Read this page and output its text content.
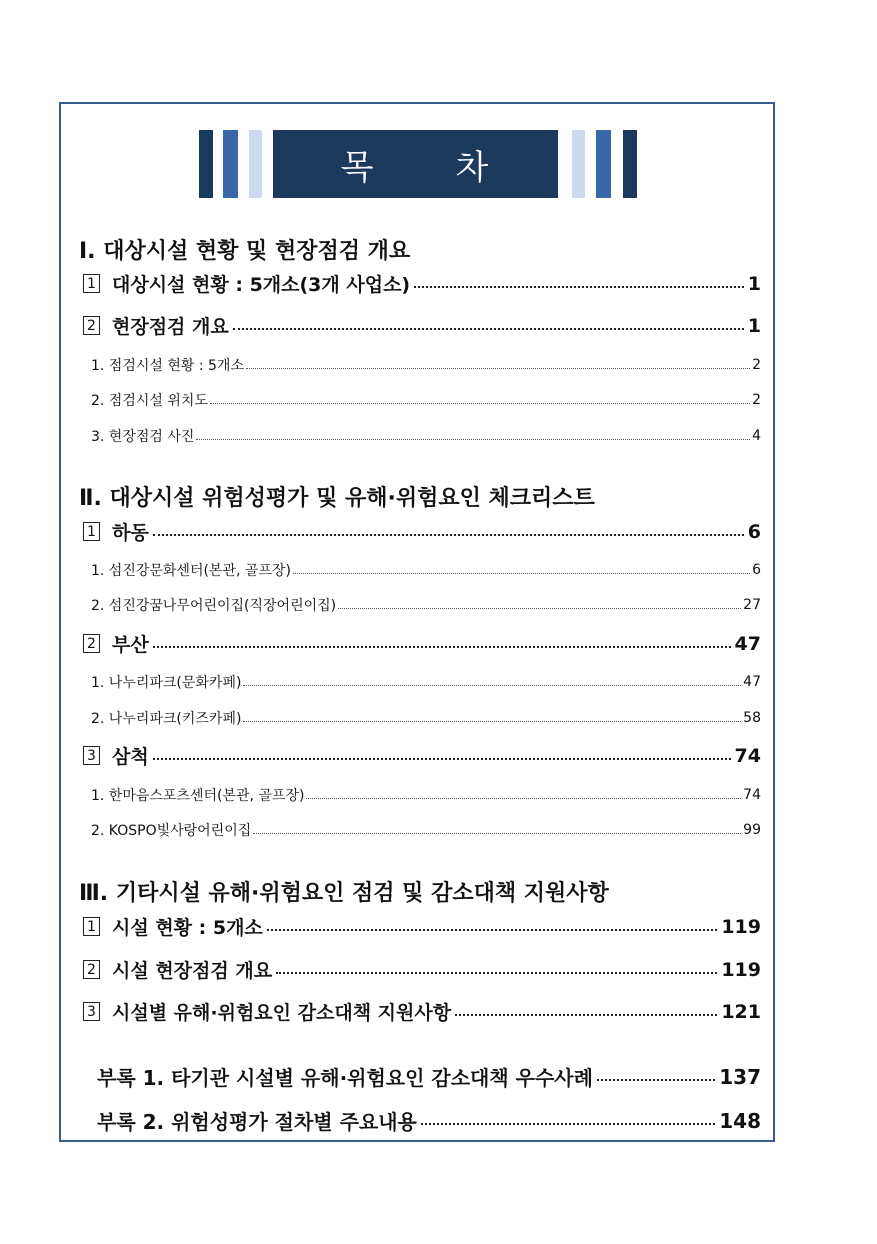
목 차
Ⅰ. 대상시설 현황 및 현장점검 개요
1 대상시설 현황 : 5개소(3개 사업소)	1
2 현장점검 개요	1
1. 점검시설 현황 : 5개소	2
2. 점검시설 위치도	2
3. 현장점검 사진	4
Ⅱ. 대상시설 위험성평가 및 유해·위험요인 체크리스트
1 하동	6
1. 섬진강문화센터(본관, 골프장)	6
2. 섬진강꿈나무어린이집(직장어린이집)	27
2 부산	47
1. 나누리파크(문화카페)	47
2. 나누리파크(키즈카페)	58
3 삼척	74
1. 한마음스포츠센터(본관, 골프장)	74
2. KOSPO빛사랑어린이집	99
Ⅲ. 기타시설 유해·위험요인 점검 및 감소대책 지원사항
1 시설 현황 : 5개소	119
2 시설 현장점검 개요	119
3 시설별 유해·위험요인 감소대책 지원사항	121
부록 1. 타기관 시설별 유해·위험요인 감소대책 우수사례	137
부록 2. 위험성평가 절차별 주요내용	148
